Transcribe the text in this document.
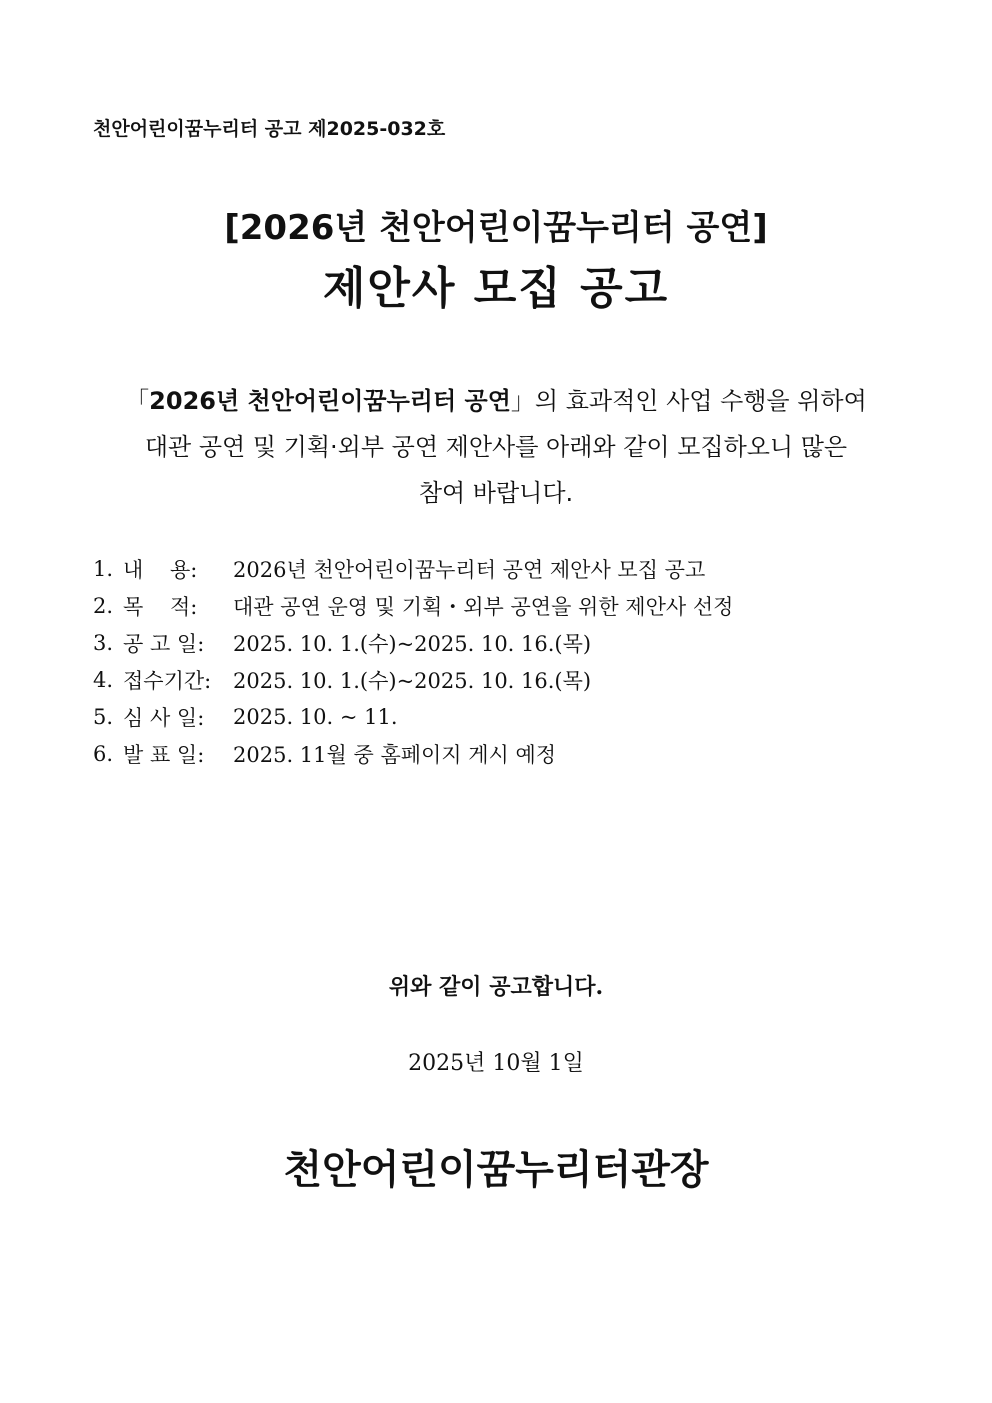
천안어린이꿈누리터 공고 제2025-032호
[2026년 천안어린이꿈누리터 공연]
제안사 모집 공고
「2026년 천안어린이꿈누리터 공연」의 효과적인 사업 수행을 위하여
대관 공연 및 기획·외부 공연 제안사를 아래와 같이 모집하오니 많은
참여 바랍니다.
1. 내    용:	2026년 천안어린이꿈누리터 공연 제안사 모집 공고
2. 목    적:	대관 공연 운영 및 기획・외부 공연을 위한 제안사 선정
3. 공 고 일:	2025. 10. 1.(수)~2025. 10. 16.(목)
4. 접수기간:	2025. 10. 1.(수)~2025. 10. 16.(목)
5. 심 사 일:	2025. 10. ~ 11.
6. 발 표 일:	2025. 11월 중 홈페이지 게시 예정
위와 같이 공고합니다.
2025년 10월 1일
천안어린이꿈누리터관장
